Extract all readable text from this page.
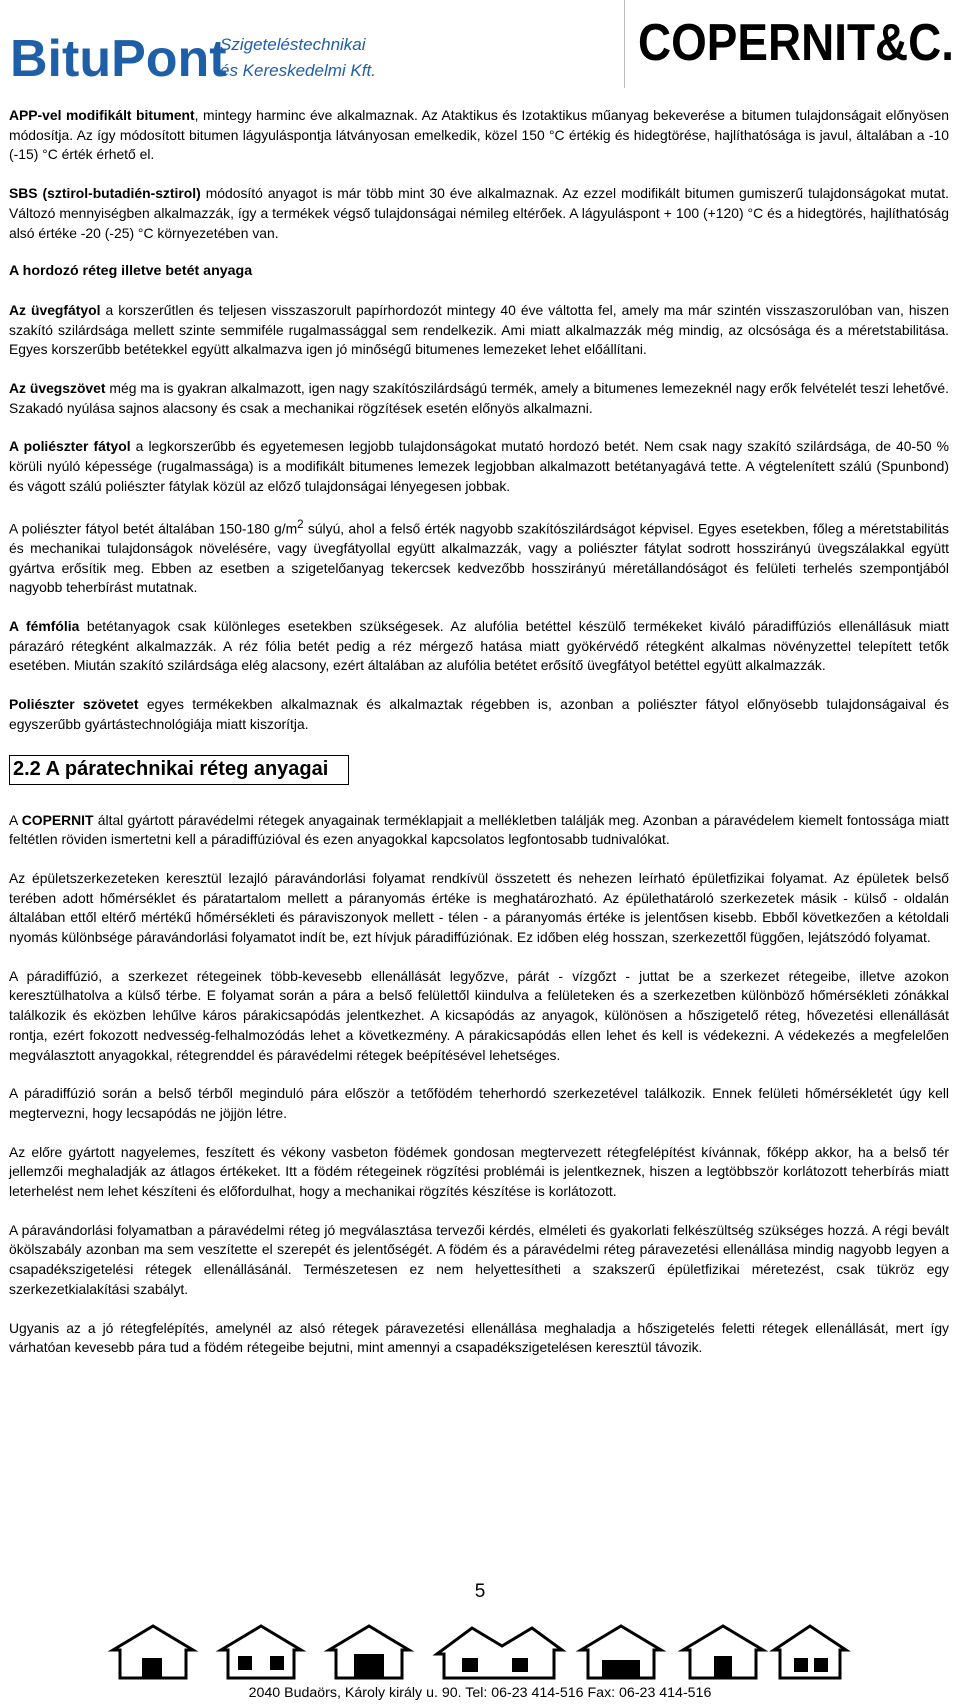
BituPont
Szigeteléstechnikai
és Kereskedelmi Kft.	COPERNIT&C.

APP-vel modifikált bitument, mintegy harminc éve alkalmaznak. Az Ataktikus és Izotaktikus műanyag bekeverése a bitumen tulajdonságait előnyösen módosítja. Az így módosított bitumen lágyuláspontja látványosan emelkedik, közel 150 °C értékig és hidegtörése, hajlíthatósága is javul, általában a -10 (-15) °C érték érhető el.

SBS (sztirol-butadién-sztirol) módosító anyagot is már több mint 30 éve alkalmaznak. Az ezzel modifikált bitumen gumiszerű tulajdonságokat mutat. Változó mennyiségben alkalmazzák, így a termékek végső tulajdonságai némileg eltérőek. A lágyuláspont + 100 (+120) °C és a hidegtörés, hajlíthatóság alsó értéke -20 (-25) °C környezetében van.

A hordozó réteg illetve betét anyaga

Az üvegfátyol a korszerűtlen és teljesen visszaszorult papírhordozót mintegy 40 éve váltotta fel, amely ma már szintén visszaszorulóban van, hiszen szakító szilárdsága mellett szinte semmiféle rugalmassággal sem rendelkezik. Ami miatt alkalmazzák még mindig, az olcsósága és a méretstabilitása. Egyes korszerűbb betétekkel együtt alkalmazva igen jó minőségű bitumenes lemezeket lehet előállítani.

Az üvegszövet még ma is gyakran alkalmazott, igen nagy szakítószilárdságú termék, amely a bitumenes lemezeknél nagy erők felvételét teszi lehetővé. Szakadó nyúlása sajnos alacsony és csak a mechanikai rögzítések esetén előnyös alkalmazni.

A poliészter fátyol a legkorszerűbb és egyetemesen legjobb tulajdonságokat mutató hordozó betét. Nem csak nagy szakító szilárdsága, de 40-50 % körüli nyúló képessége (rugalmassága) is a modifikált bitumenes lemezek legjobban alkalmazott betétanyagává tette. A végtelenített szálú (Spunbond) és vágott szálú poliészter fátylak közül az előző tulajdonságai lényegesen jobbak.

A poliészter fátyol betét általában 150-180 $g/m^2$ súlyú, ahol a felső érték nagyobb szakítószilárdságot képvisel. Egyes esetekben, főleg a méretstabilitás és mechanikai tulajdonságok növelésére, vagy üvegfátyollal együtt alkalmazzák, vagy a poliészter fátylat sodrott hosszirányú üvegszálakkal együtt gyártva erősítik meg. Ebben az esetben a szigetelőanyag tekercsek kedvezőbb hosszirányú méretállandóságot és felületi terhelés szempontjából nagyobb teherbírást mutatnak.

A fémfólia betétanyagok csak különleges esetekben szükségesek. Az alufólia betéttel készülő termékeket kiváló páradiffúziós ellenállásuk miatt párazáró rétegként alkalmazzák. A réz fólia betét pedig a réz mérgező hatása miatt gyökérvédő rétegként alkalmas növényzettel telepített tetők esetében. Miután szakító szilárdsága elég alacsony, ezért általában az alufólia betétet erősítő üvegfátyol betéttel együtt alkalmazzák.

Poliészter szövetet egyes termékekben alkalmaznak és alkalmaztak régebben is, azonban a poliészter fátyol előnyösebb tulajdonságaival és egyszerűbb gyártástechnológiája miatt kiszorítja.

2.2 A páratechnikai réteg anyagai

A COPERNIT által gyártott páravédelmi rétegek anyagainak terméklapjait a mellékletben találják meg. Azonban a páravédelem kiemelt fontossága miatt feltétlen röviden ismertetni kell a páradiffúzióval és ezen anyagokkal kapcsolatos legfontosabb tudnivalókat.

Az épületszerkezeteken keresztül lezajló páravándorlási folyamat rendkívül összetett és nehezen leírható épületfizikai folyamat. Az épületek belső terében adott hőmérséklet és páratartalom mellett a páranyomás értéke is meghatározható. Az épülethatároló szerkezetek másik - külső - oldalán általában ettől eltérő mértékű hőmérsékleti és páraviszonyok mellett - télen - a páranyomás értéke is jelentősen kisebb. Ebből következően a kétoldali nyomás különbsége páravándorlási folyamatot indít be, ezt hívjuk páradiffúziónak. Ez időben elég hosszan, szerkezettől függően, lejátszódó folyamat.

A páradiffúzió, a szerkezet rétegeinek több-kevesebb ellenállását legyőzve, párát - vízgőzt - juttat be a szerkezet rétegeibe, illetve azokon keresztülhatolva a külső térbe. E folyamat során a pára a belső felülettől kiindulva a felületeken és a szerkezetben különböző hőmérsékleti zónákkal találkozik és eközben lehűlve káros párakicsapódás jelentkezhet. A kicsapódás az anyagok, különösen a hőszigetelő réteg, hővezetési ellenállását rontja, ezért fokozott nedvesség-felhalmozódás lehet a következmény. A párakicsapódás ellen lehet és kell is védekezni. A védekezés a megfelelően megválasztott anyagokkal, rétegrenddel és páravédelmi rétegek beépítésével lehetséges.

A páradiffúzió során a belső térből meginduló pára először a tetőfödém teherhordó szerkezetével találkozik. Ennek felületi hőmérsékletét úgy kell megtervezni, hogy lecsapódás ne jöjjön létre.

Az előre gyártott nagyelemes, feszített és vékony vasbeton födémek gondosan megtervezett rétegfelépítést kívánnak, főképp akkor, ha a belső tér jellemzői meghaladják az átlagos értékeket. Itt a födém rétegeinek rögzítési problémái is jelentkeznek, hiszen a legtöbbször korlátozott teherbírás miatt leterhelést nem lehet készíteni és előfordulhat, hogy a mechanikai rögzítés készítése is korlátozott.

A páravándorlási folyamatban a páravédelmi réteg jó megválasztása tervezői kérdés, elméleti és gyakorlati felkészültség szükséges hozzá. A régi bevált ökölszabály azonban ma sem veszítette el szerepét és jelentőségét. A födém és a páravédelmi réteg páravezetési ellenállása mindig nagyobb legyen a csapadékszigetelési rétegek ellenállásánál. Természetesen ez nem helyettesítheti a szakszerű épületfizikai méretezést, csak tükröz egy szerkezetkialakítási szabályt.

Ugyanis az a jó rétegfelépítés, amelynél az alsó rétegek páravezetési ellenállása meghaladja a hőszigetelés feletti rétegek ellenállását, mert így várhatóan kevesebb pára tud a födém rétegeibe bejutni, mint amennyi a csapadékszigetelésen keresztül távozik.

5
2040 Budaörs, Károly király u. 90. Tel: 06-23 414-516 Fax: 06-23 414-516
